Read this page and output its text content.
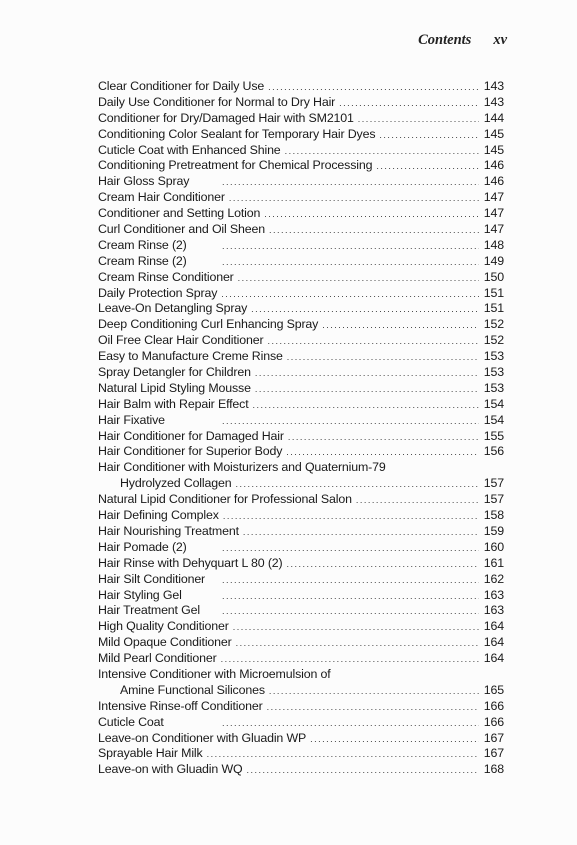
Contents xv
Clear Conditioner for Daily Use .....	143
Daily Use Conditioner for Normal to Dry Hair .....	143
Conditioner for Dry/Damaged Hair with SM2101 .....	144
Conditioning Color Sealant for Temporary Hair Dyes .....	145
Cuticle Coat with Enhanced Shine .....	145
Conditioning Pretreatment for Chemical Processing .....	146
Hair Gloss Spray .....	146
Cream Hair Conditioner .....	147
Conditioner and Setting Lotion .....	147
Curl Conditioner and Oil Sheen .....	147
Cream Rinse (2) .....	148
Cream Rinse (2) .....	149
Cream Rinse Conditioner .....	150
Daily Protection Spray .....	151
Leave-On Detangling Spray .....	151
Deep Conditioning Curl Enhancing Spray .....	152
Oil Free Clear Hair Conditioner .....	152
Easy to Manufacture Creme Rinse .....	153
Spray Detangler for Children .....	153
Natural Lipid Styling Mousse .....	153
Hair Balm with Repair Effect .....	154
Hair Fixative .....	154
Hair Conditioner for Damaged Hair .....	155
Hair Conditioner for Superior Body .....	156
Hair Conditioner with Moisturizers and Quaternium-79
Hydrolyzed Collagen .....	157
Natural Lipid Conditioner for Professional Salon .....	157
Hair Defining Complex .....	158
Hair Nourishing Treatment .....	159
Hair Pomade (2) .....	160
Hair Rinse with Dehyquart L 80 (2) .....	161
Hair Silt Conditioner .....	162
Hair Styling Gel .....	163
Hair Treatment Gel .....	163
High Quality Conditioner .....	164
Mild Opaque Conditioner .....	164
Mild Pearl Conditioner .....	164
Intensive Conditioner with Microemulsion of
Amine Functional Silicones .....	165
Intensive Rinse-off Conditioner .....	166
Cuticle Coat .....	166
Leave-on Conditioner with Gluadin WP .....	167
Sprayable Hair Milk .....	167
Leave-on with Gluadin WQ .....	168
